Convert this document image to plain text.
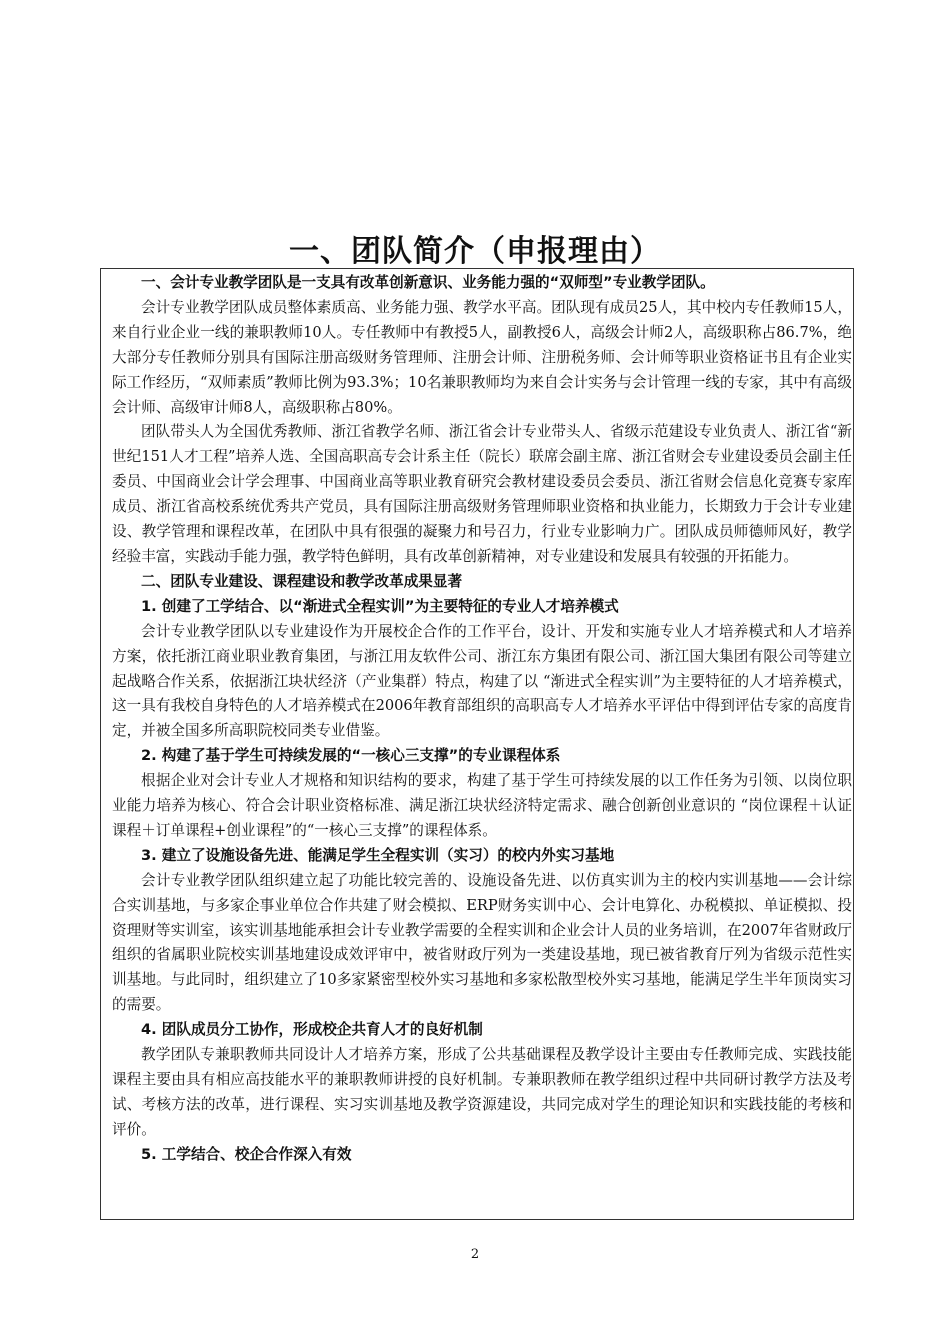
一、团队简介（申报理由）

一、会计专业教学团队是一支具有改革创新意识、业务能力强的“双师型”专业教学团队。

会计专业教学团队成员整体素质高、业务能力强、教学水平高。团队现有成员25人，其中校内专任教师15人，来自行业企业一线的兼职教师10人。专任教师中有教授5人，副教授6人，高级会计师2人，高级职称占86.7%，绝大部分专任教师分别具有国际注册高级财务管理师、注册会计师、注册税务师、会计师等职业资格证书且有企业实际工作经历，“双师素质”教师比例为93.3%；10名兼职教师均为来自会计实务与会计管理一线的专家，其中有高级会计师、高级审计师8人，高级职称占80%。

团队带头人为全国优秀教师、浙江省教学名师、浙江省会计专业带头人、省级示范建设专业负责人、浙江省“新世纪151人才工程”培养人选、全国高职高专会计系主任（院长）联席会副主席、浙江省财会专业建设委员会副主任委员、中国商业会计学会理事、中国商业高等职业教育研究会教材建设委员会委员、浙江省财会信息化竞赛专家库成员、浙江省高校系统优秀共产党员，具有国际注册高级财务管理师职业资格和执业能力，长期致力于会计专业建设、教学管理和课程改革，在团队中具有很强的凝聚力和号召力，行业专业影响力广。团队成员师德师风好，教学经验丰富，实践动手能力强，教学特色鲜明，具有改革创新精神，对专业建设和发展具有较强的开拓能力。

二、团队专业建设、课程建设和教学改革成果显著

1. 创建了工学结合、以“渐进式全程实训”为主要特征的专业人才培养模式

会计专业教学团队以专业建设作为开展校企合作的工作平台，设计、开发和实施专业人才培养模式和人才培养方案，依托浙江商业职业教育集团，与浙江用友软件公司、浙江东方集团有限公司、浙江国大集团有限公司等建立起战略合作关系，依据浙江块状经济（产业集群）特点，构建了以 “渐进式全程实训”为主要特征的人才培养模式，这一具有我校自身特色的人才培养模式在2006年教育部组织的高职高专人才培养水平评估中得到评估专家的高度肯定，并被全国多所高职院校同类专业借鉴。

2. 构建了基于学生可持续发展的“一核心三支撑”的专业课程体系

根据企业对会计专业人才规格和知识结构的要求，构建了基于学生可持续发展的以工作任务为引领、以岗位职业能力培养为核心、符合会计职业资格标准、满足浙江块状经济特定需求、融合创新创业意识的 “岗位课程＋认证课程＋订单课程+创业课程”的“一核心三支撑”的课程体系。

3. 建立了设施设备先进、能满足学生全程实训（实习）的校内外实习基地

会计专业教学团队组织建立起了功能比较完善的、设施设备先进、以仿真实训为主的校内实训基地——会计综合实训基地，与多家企事业单位合作共建了财会模拟、ERP财务实训中心、会计电算化、办税模拟、单证模拟、投资理财等实训室，该实训基地能承担会计专业教学需要的全程实训和企业会计人员的业务培训，在2007年省财政厅组织的省属职业院校实训基地建设成效评审中，被省财政厅列为一类建设基地，现已被省教育厅列为省级示范性实训基地。与此同时，组织建立了10多家紧密型校外实习基地和多家松散型校外实习基地，能满足学生半年顶岗实习的需要。

4. 团队成员分工协作，形成校企共育人才的良好机制

教学团队专兼职教师共同设计人才培养方案，形成了公共基础课程及教学设计主要由专任教师完成、实践技能课程主要由具有相应高技能水平的兼职教师讲授的良好机制。专兼职教师在教学组织过程中共同研讨教学方法及考试、考核方法的改革，进行课程、实习实训基地及教学资源建设，共同完成对学生的理论知识和实践技能的考核和评价。

5. 工学结合、校企合作深入有效

2
